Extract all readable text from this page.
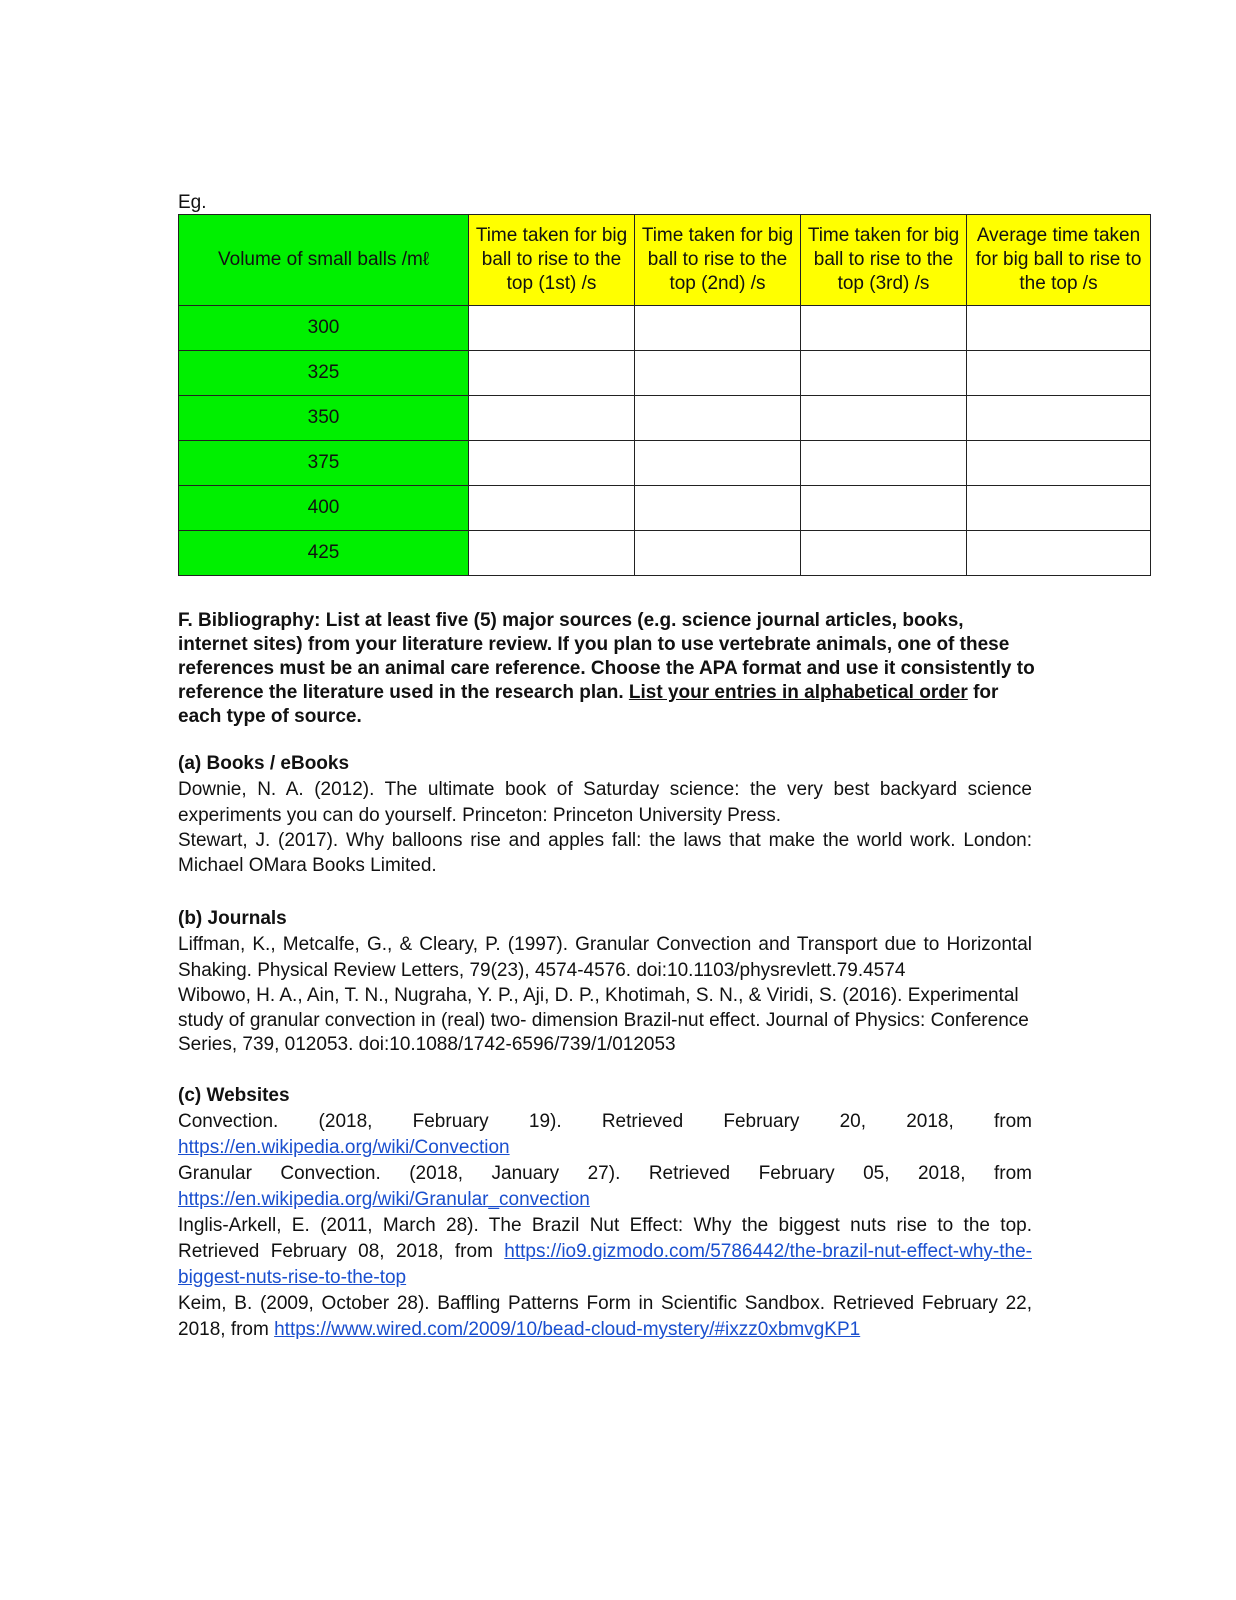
Eg.
Volume of small balls /mℓ	Time taken for big ball to rise to the top (1st) /s	Time taken for big ball to rise to the top (2nd) /s	Time taken for big ball to rise to the top (3rd) /s	Average time taken for big ball to rise to the top /s
300				
325				
350				
375				
400				
425				
F. Bibliography: List at least five (5) major sources (e.g. science journal articles, books, internet sites) from your literature review. If you plan to use vertebrate animals, one of these references must be an animal care reference. Choose the APA format and use it consistently to reference the literature used in the research plan. List your entries in alphabetical order for each type of source.
(a) Books / eBooks
Downie, N. A. (2012). The ultimate book of Saturday science: the very best backyard science experiments you can do yourself. Princeton: Princeton University Press.
Stewart, J. (2017). Why balloons rise and apples fall: the laws that make the world work. London: Michael OMara Books Limited.
(b) Journals
Liffman, K., Metcalfe, G., & Cleary, P. (1997). Granular Convection and Transport due to Horizontal Shaking. Physical Review Letters, 79(23), 4574-4576. doi:10.1103/physrevlett.79.4574
Wibowo, H. A., Ain, T. N., Nugraha, Y. P., Aji, D. P., Khotimah, S. N., & Viridi, S. (2016). Experimental study of granular convection in (real) two- dimension Brazil-nut effect. Journal of Physics: Conference Series, 739, 012053. doi:10.1088/1742-6596/739/1/012053
(c) Websites
Convection. (2018, February 19). Retrieved February 20, 2018, from https://en.wikipedia.org/wiki/Convection
Granular Convection. (2018, January 27). Retrieved February 05, 2018, from https://en.wikipedia.org/wiki/Granular_convection
Inglis-Arkell, E. (2011, March 28). The Brazil Nut Effect: Why the biggest nuts rise to the top. Retrieved February 08, 2018, from https://io9.gizmodo.com/5786442/the-brazil-nut-effect-why-the-biggest-nuts-rise-to-the-top
Keim, B. (2009, October 28). Baffling Patterns Form in Scientific Sandbox. Retrieved February 22, 2018, from https://www.wired.com/2009/10/bead-cloud-mystery/#ixzz0xbmvgKP1
